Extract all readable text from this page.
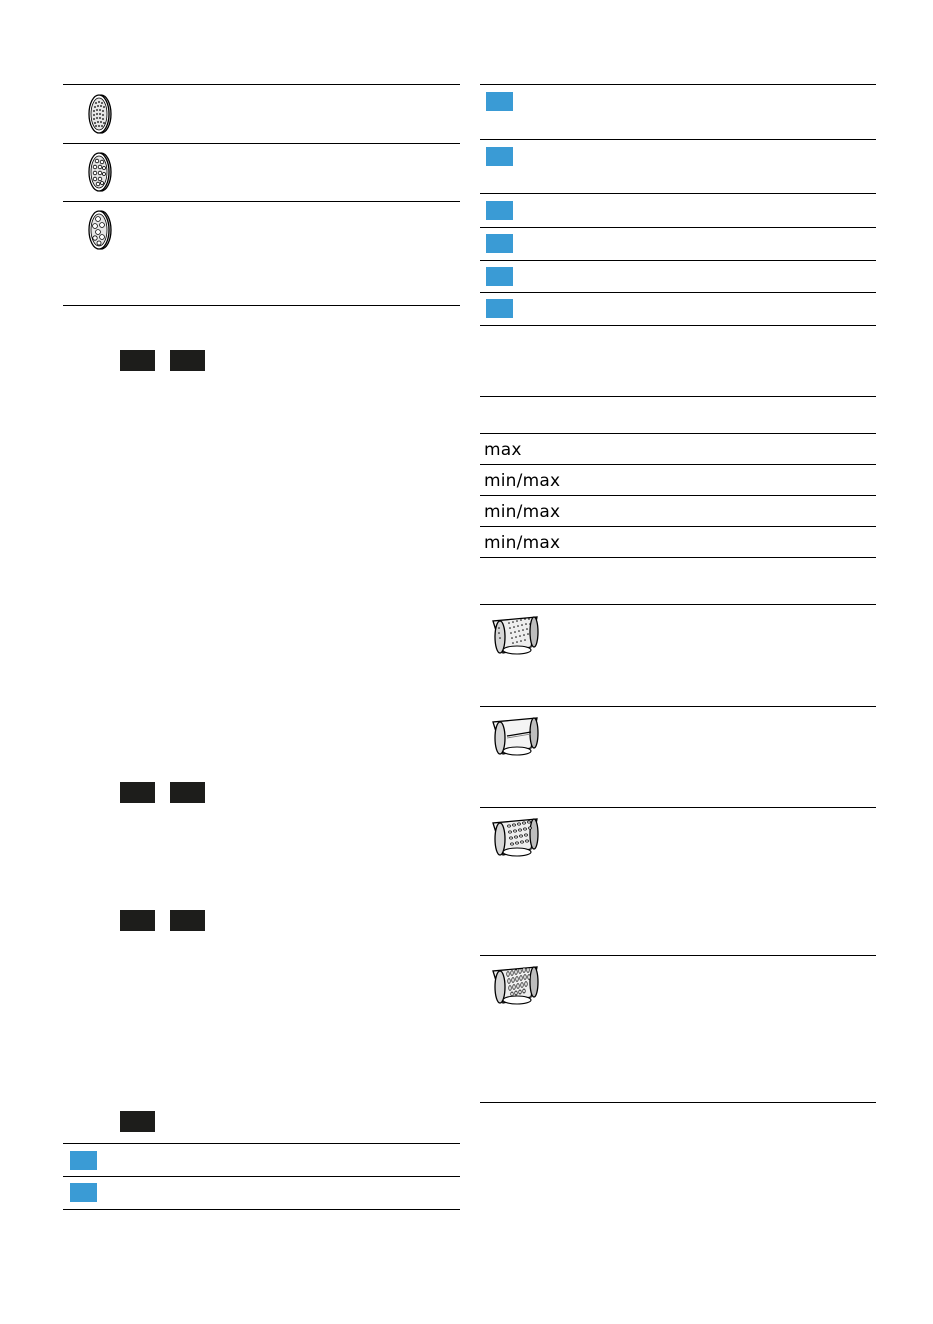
max
min/max
min/max
min/max
